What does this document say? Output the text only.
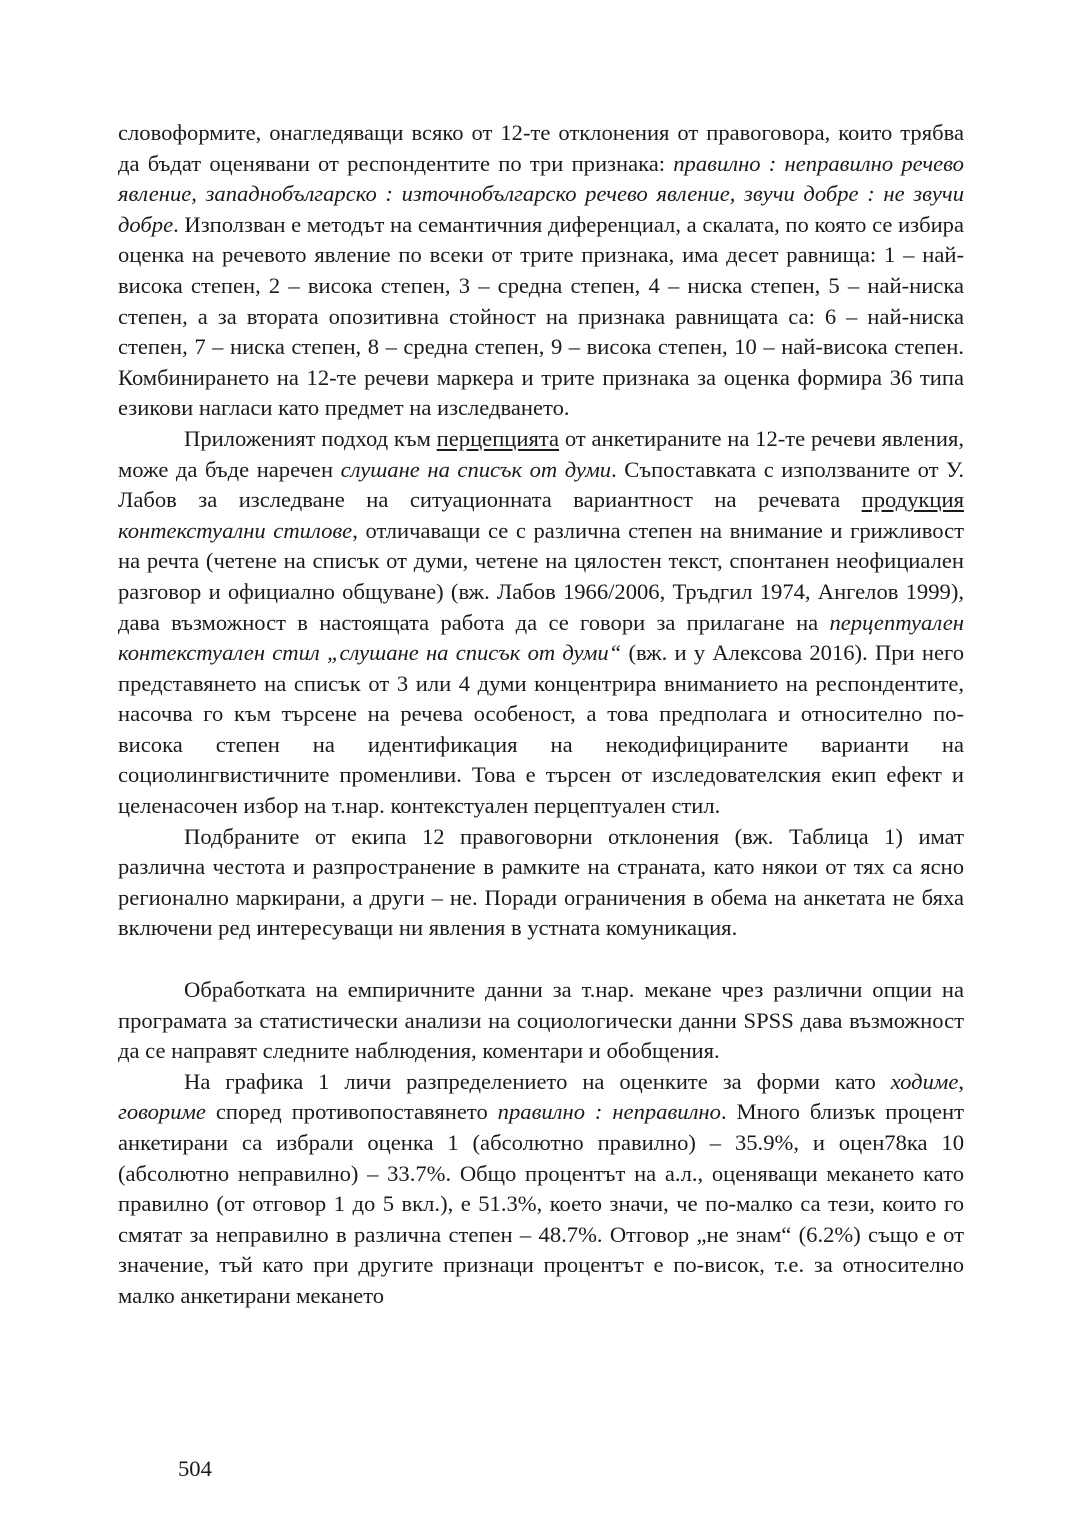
словоформите, онагледяващи всяко от 12-те отклонения от правоговора, които трябва да бъдат оценявани от респондентите по три признака: правилно : неправилно речево явление, западнобългарско : източнобългарско речево явление, звучи добре : не звучи добре. Използван е методът на семантичния диференциал, а скалата, по която се избира оценка на речевото явление по всеки от трите признака, има десет равнища: 1 – най-висока степен, 2 – висока степен, 3 – средна степен, 4 – ниска степен, 5 – най-ниска степен, а за втората опозитивна стойност на признака равнищата са: 6 – най-ниска степен, 7 – ниска степен, 8 – средна степен, 9 – висока степен, 10 – най-висока степен. Комбинирането на 12-те речеви маркера и трите признака за оценка формира 36 типа езикови нагласи като предмет на изследването.

Приложеният подход към перцепцията от анкетираните на 12-те речеви явления, може да бъде наречен слушане на списък от думи. Съпоставката с използваните от У. Лабов за изследване на ситуационната вариантност на речевата продукция контекстуални стилове, отличаващи се с различна степен на внимание и грижливост на речта (четене на списък от думи, четене на цялостен текст, спонтанен неофициален разговор и официално общуване) (вж. Лабов 1966/2006, Тръдгил 1974, Ангелов 1999), дава възможност в настоящата работа да се говори за прилагане на перцептуален контекстуален стил „слушане на списък от думи“ (вж. и у Алексова 2016). При него представянето на списък от 3 или 4 думи концентрира вниманието на респондентите, насочва го към търсене на речева особеност, а това предполага и относително по-висока степен на идентификация на некодифицираните варианти на социолингвистичните променливи. Това е търсен от изследователския екип ефект и целенасочен избор на т.нар. контекстуален перцептуален стил.

Подбраните от екипа 12 правоговорни отклонения (вж. Таблица 1) имат различна честота и разпространение в рамките на страната, като някои от тях са ясно регионално маркирани, а други – не. Поради ограничения в обема на анкетата не бяха включени ред интересуващи ни явления в устната комуникация.

Обработката на емпиричните данни за т.нар. мекане чрез различни опции на програмата за статистически анализи на социологически данни SPSS дава възможност да се направят следните наблюдения, коментари и обобщения.

На графика 1 личи разпределението на оценките за форми като ходиме, говориме според противопоставянето правилно : неправилно. Много близък процент анкетирани са избрали оценка 1 (абсолютно правилно) – 35.9%, и оцен78ка 10 (абсолютно неправилно) – 33.7%. Общо процентът на а.л., оценяващи мекането като правилно (от отговор 1 до 5 вкл.), е 51.3%, което значи, че по-малко са тези, които го смятат за неправилно в различна степен – 48.7%. Отговор „не знам“ (6.2%) също е от значение, тъй като при другите признаци процентът е по-висок, т.е. за относително малко анкетирани мекането

504
